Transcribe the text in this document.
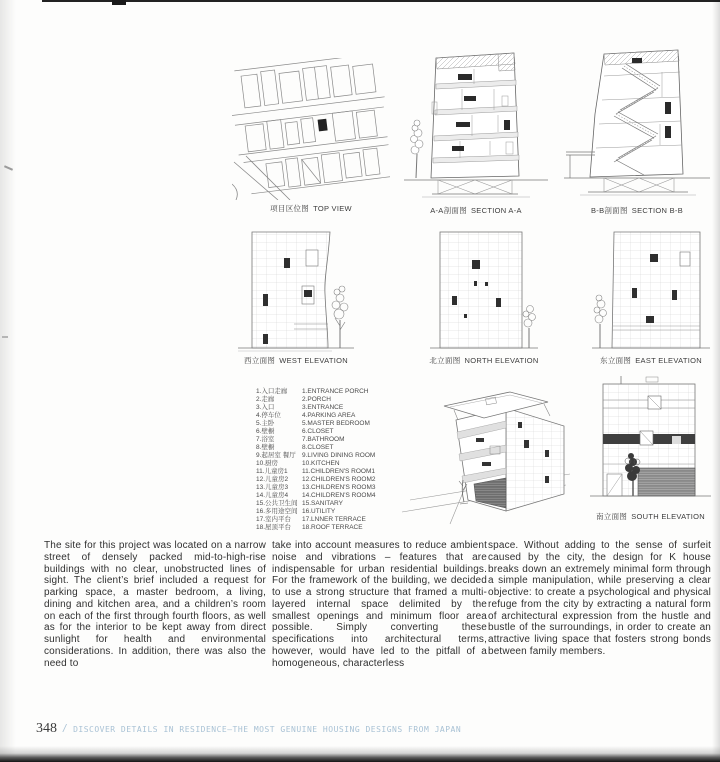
项目区位图 TOP VIEW	A-A剖面图 SECTION A-A	B-B剖面图 SECTION B-B
西立面图 WEST ELEVATION	北立面图 NORTH ELEVATION	东立面图 EAST ELEVATION
1.入口走廊	1.ENTRANCE PORCH
2.走廊	2.PORCH
3.入口	3.ENTRANCE
4.停车位	4.PARKING AREA
5.主卧	5.MASTER BEDROOM
6.壁橱	6.CLOSET
7.浴室	7.BATHROOM
8.壁橱	8.CLOSET
9.起居室 餐厅 9.LIVING DINING ROOM
10.厨房	10.KITCHEN
11.儿童房1	11.CHILDREN'S ROOM1
12.儿童房2	12.CHILDREN'S ROOM2
13.儿童房3	13.CHILDREN'S ROOM3
14.儿童房4	14.CHILDREN'S ROOM4
15.公共卫生间 15.SANITARY
16.多用途空间 16.UTILITY
17.室内平台	17.LNNER TERRACE
18.屋顶平台	18.ROOF TERRACE
南立面图 SOUTH ELEVATION
The site for this project was located on a narrow street of densely packed mid-to-high-rise buildings with no clear, unobstructed lines of sight. The client’s brief included a request for parking space, a master bedroom, a living, dining and kitchen area, and a children’s room on each of the first through fourth floors, as well as for the interior to be kept away from direct sunlight for health and environmental considerations. In addition, there was also the need to
take into account measures to reduce ambient noise and vibrations – features that are indispensable for urban residential buildings. For the framework of the building, we decided to use a strong structure that framed a multi-layered internal space delimited by the smallest openings and minimum floor area possible. Simply converting these specifications into architectural terms, however, would have led to the pitfall of a homogeneous, characterless
space. Without adding to the sense of surfeit caused by the city, the design for K house breaks down an extremely minimal form through a simple manipulation, while preserving a clear objective: to create a psychological and physical refuge from the city by extracting a natural form of architectural expression from the hustle and bustle of the surroundings, in order to create an attractive living space that fosters strong bonds between family members.
348 / DISCOVER DETAILS IN RESIDENCE—THE MOST GENUINE HOUSING DESIGNS FROM JAPAN
